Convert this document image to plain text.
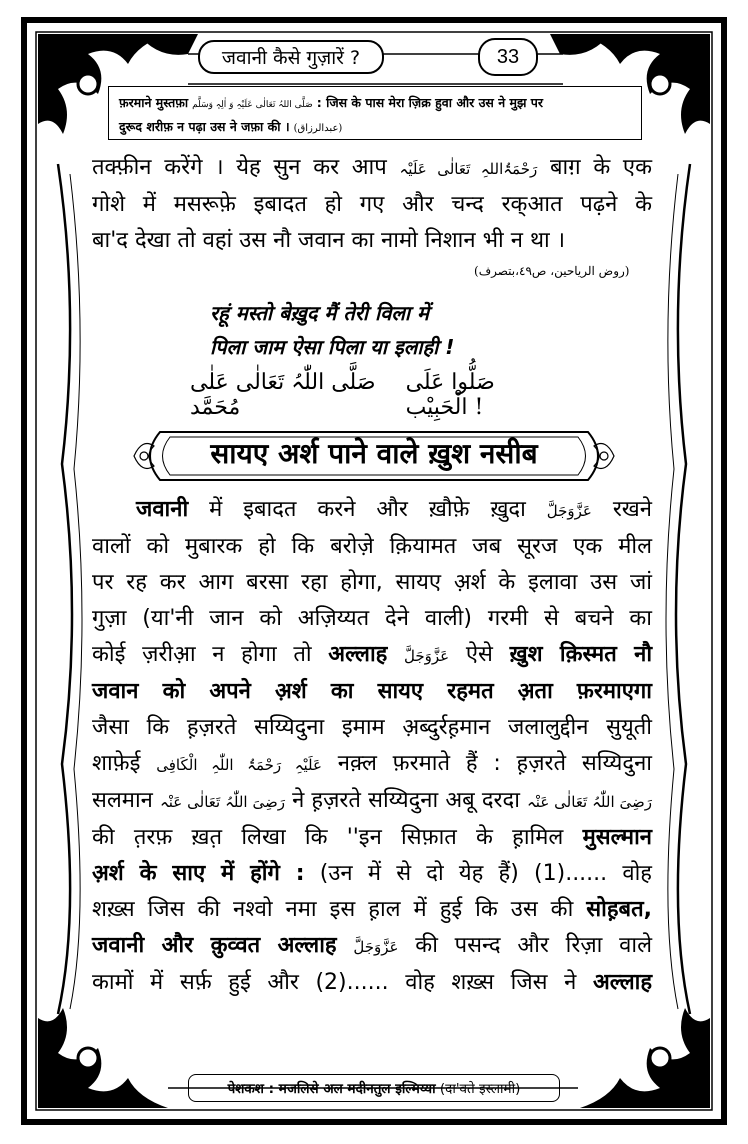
जवानी कैसे गुज़ारें ?	33
फ़रमाने मुस्तफ़ा صَلَّی اللہُ تَعَالٰی عَلَیْہِ وَ اٰلِہٖ وَسَلَّم : जिस के पास मेरा ज़िक्र हुवा और उस ने मुझ पर
दुरूद शरीफ़ न पढ़ा उस ने जफ़ा की । (عبدالرزاق)
तक्फ़ीन करेंगे । येह सुन कर आप رَحْمَۃُاللہِ تَعَالٰی عَلَیْہ बाग़ के एक
गोशे में मसरूफ़े इबादत हो गए और चन्द रक्आत पढ़ने के
बा'द देखा तो वहां उस नौ जवान का नामो निशान भी न था ।
(روض الریاحین، ص٤٩،بتصرف)
रहूं मस्तो बेख़ुद मैं तेरी विला में
पिला जाम ऐसा पिला या इलाही !
صَلَّی اللّٰہُ تَعَالٰی عَلٰی مُحَمَّد
صَلُّوا عَلَی الْحَبِیْب !
सायए अर्श पाने वाले ख़ुश नसीब
  जवानी में इबादत करने और ख़ौफ़े ख़ुदा عَزَّوَجَلَّ रखने
वालों को मुबारक हो कि बरोज़े क़ियामत जब सूरज एक मील
पर रह कर आग बरसा रहा होगा, सायए अ़र्श के इलावा उस जां
गुज़ा (या'नी जान को अज़िय्यत देने वाली) गरमी से बचने का
कोई ज़रीआ़ न होगा तो अल्लाह عَزَّوَجَلَّ ऐसे ख़ुश क़िस्मत नौ
जवान को अपने अ़र्श का सायए रहमत अ़ता फ़रमाएगा
जैसा कि ह़ज़रते सय्यिदुना इमाम अ़ब्दुर्रह़मान जलालुद्दीन सुयूती
शाफ़ेई عَلَیْہِ رَحْمَۃُ اللّٰہِ الْکَافِی नक़्ल फ़रमाते हैं : ह़ज़रते सय्यिदुना
सलमान رَضِیَ اللّٰہُ تَعَالٰی عَنْہ ने ह़ज़रते सय्यिदुना अबू दरदा رَضِیَ اللّٰہُ تَعَالٰی عَنْہ
की त़रफ़ ख़त़ लिखा कि ''इन सिफ़ात के ह़ामिल मुसल्मान
अ़र्श के साए में होंगे : (उन में से दो येह हैं) (1)...... वोह
शख़्स जिस की नश्वो नमा इस ह़ाल में हुई कि उस की सोह़बत,
जवानी और क़ुव्वत अल्लाह عَزَّوَجَلَّ की पसन्द और रिज़ा वाले
कामों में सर्फ़ हुई और (2)...... वोह शख़्स जिस ने अल्लाह
पेशकश : मजलिसे अल मदीनतुल इल्मिय्या
(दा'वते इस्लामी)
